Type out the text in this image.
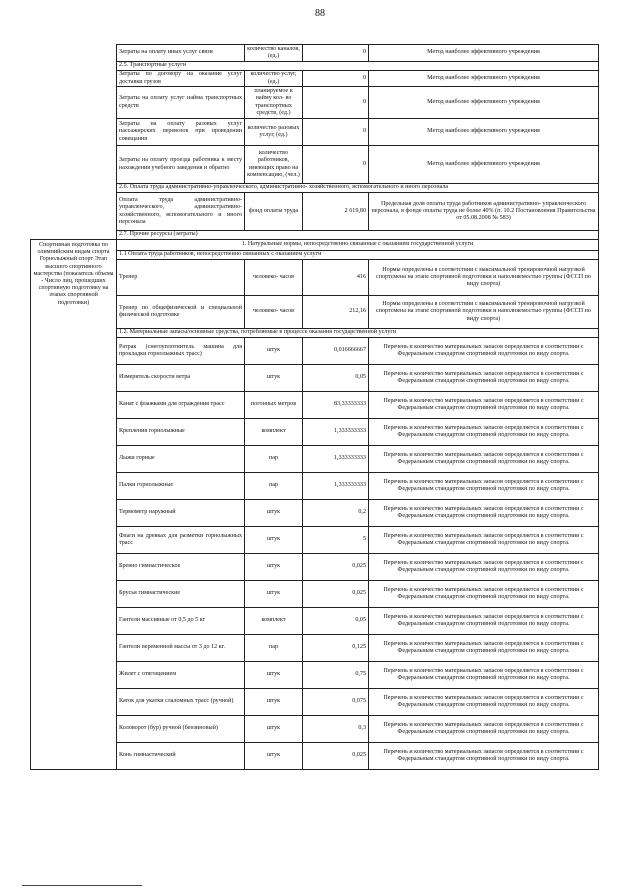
88
	Затраты на оплату иных услуг связи	количество каналов, (ед.)	0	Метод наиболее эффективного учреждения
	2.5. Транспортные услуги			
	Затраты по договору на оказание услуг доставки грузов	количество услуг, (ед.)	0	Метод наиболее эффективного учреждения
	Затраты на оплату услуг найма транспортных средств	планируемое к найму кол- во транспортных средств, (ед.)	0	Метод наиболее эффективного учреждения
	Затраты на оплату разовых услуг пассажирских перевозок при проведении совещания	количество разовых услуг, (ед.)	0	Метод наиболее эффективного учреждения
	Затраты на оплату проезда работника к месту нахождения учебного заведения и обратно	количество работников, имеющих право на компенсацию, (чел.)	0	Метод наиболее эффективного учреждения
	2.6. Оплата труда административно-управленческого, административно- хозяйственного, вспомогательного и иного персонала			
	Оплата труда административно-управленческого, административно-хозяйственного, вспомогательного и иного персонала	фонд оплаты труда	2 619,80	Предельная доля оплаты труда работников административно- управленческого персонала, в фонде оплаты труда не более 40% (п. 10.2 Постановления Правительства от 05.08.2008 № 583)
	2.7. Прочие ресурсы (затраты)			
Спортивная подготовка по олимпийским видам спорта Горнолыжный спорт Этап высшего спортивного мастерства (показатель объема - Число лиц, прошедших спортивную подготовку на этапах спортивной подготовки)	1. Натуральные нормы, непосредственно связанные с оказанием государственной услуги			
	1.1 Оплата труда работников, непосредственно связанных с оказанием услуги			
	Тренер	человеко- часов	416	Нормы определены в соответствии с максимальной тренировочной нагрузкой спортсмена на этапе спортивной подготовки и наполняемостью группы (ФССП по виду спорта)
	Тренер по общефизической и специальной физической подготовке	человеко- часов	212,16	Нормы определены в соответствии с максимальной тренировочной нагрузкой спортсмена на этапе спортивной подготовки и наполняемостью группы (ФССП по виду спорта)
	1.2. Материальные запасы/основные средства, потребляемые в процессе оказания государственной услуги			
	Ратрак (снегоуплотнитель машина для прокладки горнолыжных трасс)	штук	0,016666667	Перечень и количество материальных запасов определяется в соответствии с Федеральным стандартом спортивной подготовки по виду спорта.
	Измеритель скорости ветра	штук	0,05	Перечень и количество материальных запасов определяется в соответствии с Федеральным стандартом спортивной подготовки по виду спорта.
	Канат с флажками для ограждения трасс	погонных метров	83,33333333	Перечень и количество материальных запасов определяется в соответствии с Федеральным стандартом спортивной подготовки по виду спорта.
	Крепления горнолыжные	комплект	1,333333333	Перечень и количество материальных запасов определяется в соответствии с Федеральным стандартом спортивной подготовки по виду спорта.
	Лыжи горные	пар	1,333333333	Перечень и количество материальных запасов определяется в соответствии с Федеральным стандартом спортивной подготовки по виду спорта.
	Палки горнолыжные	пар	1,333333333	Перечень и количество материальных запасов определяется в соответствии с Федеральным стандартом спортивной подготовки по виду спорта.
	Термометр наружный	штук	0,2	Перечень и количество материальных запасов определяется в соответствии с Федеральным стандартом спортивной подготовки по виду спорта.
	Флаги на древках для разметки горнолыжных трасс	штук	5	Перечень и количество материальных запасов определяется в соответствии с Федеральным стандартом спортивной подготовки по виду спорта.
	Бревно гимнастическое	штук	0,025	Перечень и количество материальных запасов определяется в соответствии с Федеральным стандартом спортивной подготовки по виду спорта.
	Брусья гимнастические	штук	0,025	Перечень и количество материальных запасов определяется в соответствии с Федеральным стандартом спортивной подготовки по виду спорта.
	Гантели массивные от 0,5 до 5 кг	комплект	0,05	Перечень и количество материальных запасов определяется в соответствии с Федеральным стандартом спортивной подготовки по виду спорта.
	Гантели переменной массы от 3 до 12 кг.	пар	0,125	Перечень и количество материальных запасов определяется в соответствии с Федеральным стандартом спортивной подготовки по виду спорта.
	Жилет с отягощением	штук	0,75	Перечень и количество материальных запасов определяется в соответствии с Федеральным стандартом спортивной подготовки по виду спорта.
	Каток для укатки слаломных трасс (ручной)	штук	0,075	Перечень и количество материальных запасов определяется в соответствии с Федеральным стандартом спортивной подготовки по виду спорта.
	Коловорот (бур) ручной (бензиновый)	штук	0,3	Перечень и количество материальных запасов определяется в соответствии с Федеральным стандартом спортивной подготовки по виду спорта.
	Конь гимнастический	штук	0,025	Перечень и количество материальных запасов определяется в соответствии с Федеральным стандартом спортивной подготовки по виду спорта.
